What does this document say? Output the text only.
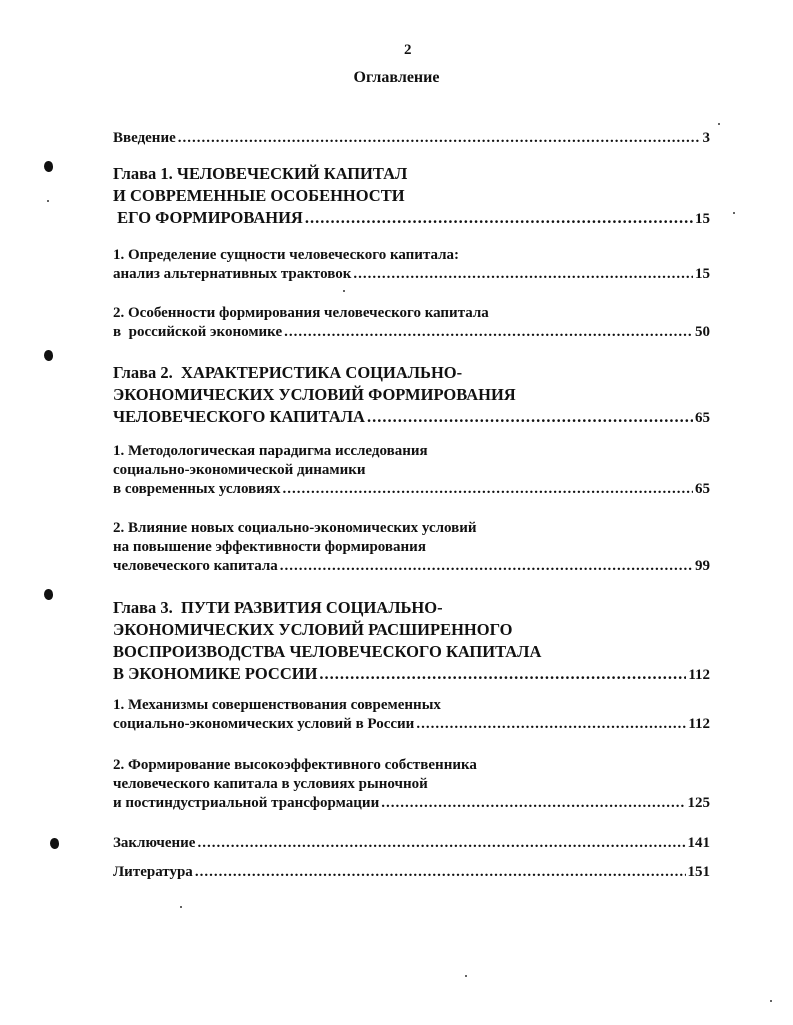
2
Оглавление
Введение .....	3
Глава 1. ЧЕЛОВЕЧЕСКИЙ КАПИТАЛ
И СОВРЕМЕННЫЕ ОСОБЕННОСТИ
ЕГО ФОРМИРОВАНИЯ .....	15
1. Определение сущности человеческого капитала:
анализ альтернативных трактовок .....	15
2. Особенности формирования человеческого капитала
в  российской экономике .....	50
Глава 2.  ХАРАКТЕРИСТИКА СОЦИАЛЬНО-
ЭКОНОМИЧЕСКИХ УСЛОВИЙ ФОРМИРОВАНИЯ
ЧЕЛОВЕЧЕСКОГО КАПИТАЛА .....	65
1. Методологическая парадигма исследования
социально-экономической динамики
в современных условиях .....	65
2. Влияние новых социально-экономических условий
на повышение эффективности формирования
человеческого капитала .....	99
Глава 3.  ПУТИ РАЗВИТИЯ СОЦИАЛЬНО-
ЭКОНОМИЧЕСКИХ УСЛОВИЙ РАСШИРЕННОГО
ВОСПРОИЗВОДСТВА ЧЕЛОВЕЧЕСКОГО КАПИТАЛА
В ЭКОНОМИКЕ РОССИИ .....	112
1. Механизмы совершенствования современных
социально-экономических условий в России .....	112
2. Формирование высокоэффективного собственника
человеческого капитала в условиях рыночной
и постиндустриальной трансформации .....	125
Заключение .....	141
Литература .....	151
